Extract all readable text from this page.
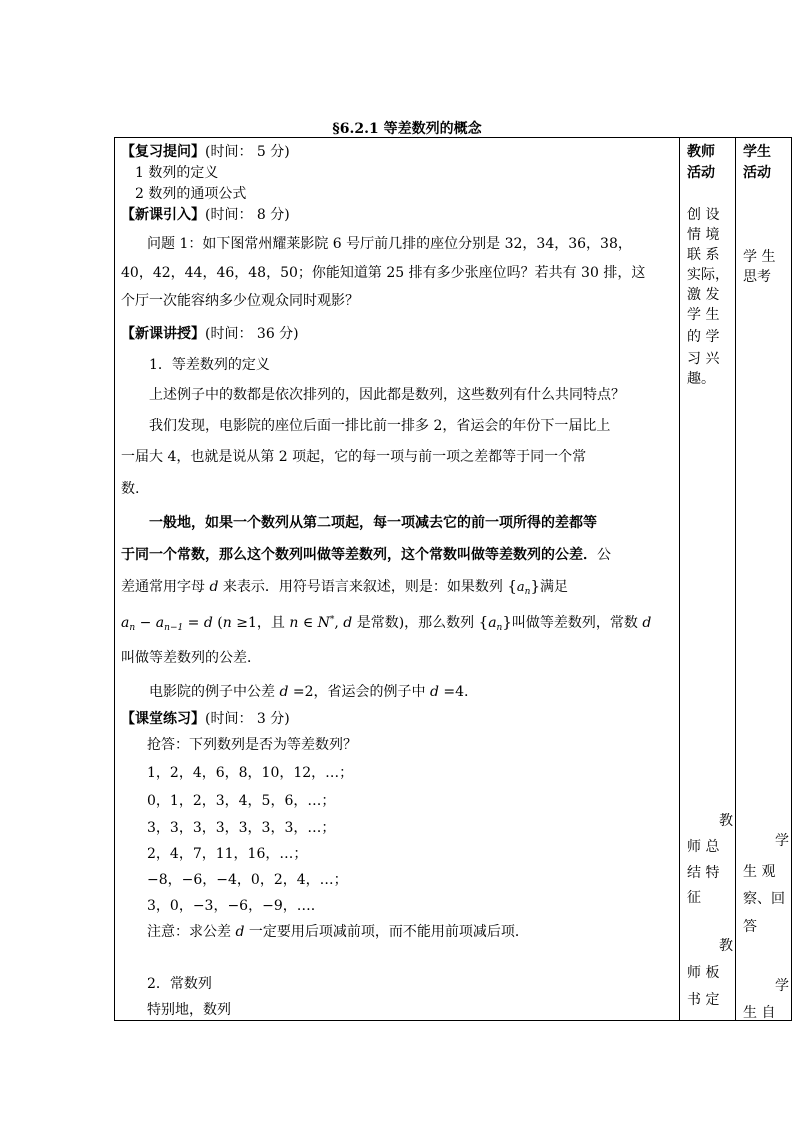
§6.2.1 等差数列的概念
【复习提问】(时间： 5 分)
1 数列的定义
2 数列的通项公式
【新课引入】(时间： 8 分)
问题 1：如下图常州耀莱影院 6 号厅前几排的座位分别是 32，34，36，38，
40，42，44，46，48，50；你能知道第 25 排有多少张座位吗？若共有 30 排，这
个厅一次能容纳多少位观众同时观影？
【新课讲授】(时间： 36 分)
1．等差数列的定义
上述例子中的数都是依次排列的，因此都是数列，这些数列有什么共同特点？
我们发现，电影院的座位后面一排比前一排多 2，省运会的年份下一届比上
一届大 4，也就是说从第 2 项起，它的每一项与前一项之差都等于同一个常
数.
一般地，如果一个数列从第二项起，每一项减去它的前一项所得的差都等
于同一个常数，那么这个数列叫做等差数列，这个常数叫做等差数列的公差．公
差通常用字母 d 来表示．用符号语言来叙述，则是：如果数列 $\{a_n\}$满足
$a_n - a_{n-1} = d$ (n ≥1，且 n ∈ N*, d 是常数)，那么数列 $\{a_n\}$叫做等差数列，常数 d
叫做等差数列的公差．
电影院的例子中公差 d =2，省运会的例子中 d =4.
【课堂练习】(时间： 3 分)
抢答：下列数列是否为等差数列？
1，2，4，6，8，10，12，…；
0，1，2，3，4，5，6，…；
3，3，3，3，3，3，3，…；
2，4，7，11，16，…；
−8，−6，−4，0，2，4，…；
3，0，−3，−6，−9，….
注意：求公差 d 一定要用后项减前项，而不能用前项减后项．
2．常数列
特别地，数列
教师
活动
创 设
情 境
联 系
实际，
激 发
学 生
的 学
习 兴
趣。
教
师 总
结 特
征
教
师 板
书 定
学生
活动
学 生
思考
学
生 观
察、回
答
学
生 自
